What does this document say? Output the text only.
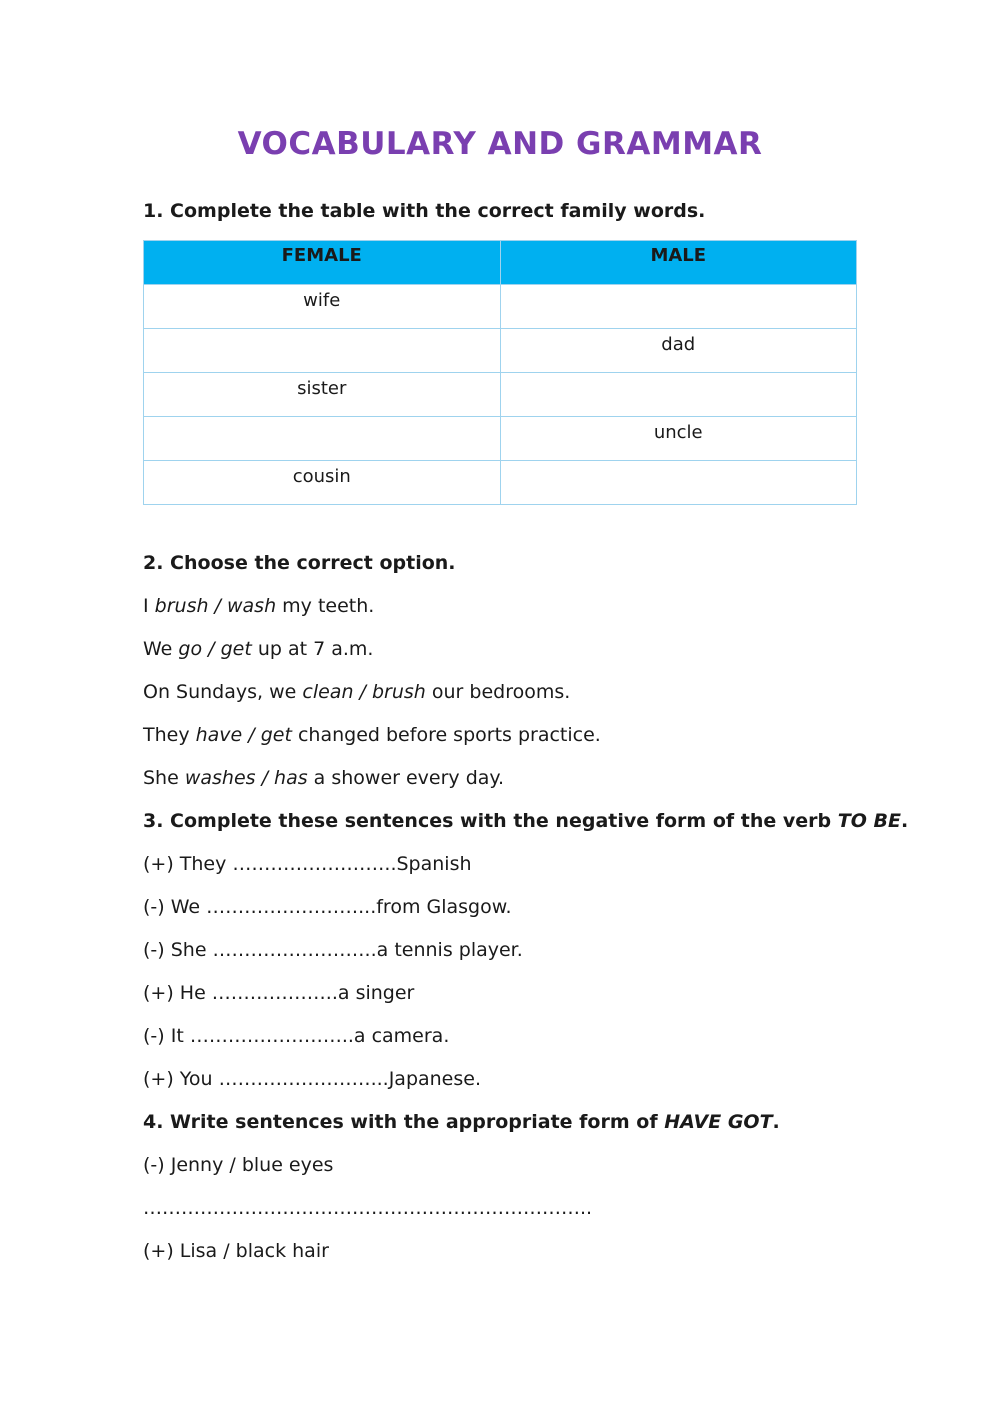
VOCABULARY AND GRAMMAR
1. Complete the table with the correct family words.
FEMALE	MALE
wife	
	dad
sister	
	uncle
cousin	
2. Choose the correct option.
I brush / wash my teeth.
We go / get up at 7 a.m.
On Sundays, we clean / brush our bedrooms.
They have / get changed before sports practice.
She washes / has a shower every day.
3. Complete these sentences with the negative form of the verb TO BE.
(+) They ……………………..Spanish
(-) We ……………………...from Glasgow.
(-) She ……………………..a tennis player.
(+) He ………………..a singer
(-) It ……………………..a camera.
(+) You ……………………...Japanese.
4. Write sentences with the appropriate form of HAVE GOT.
(-) Jenny / blue eyes
……………………………………………………………..
(+) Lisa / black hair
